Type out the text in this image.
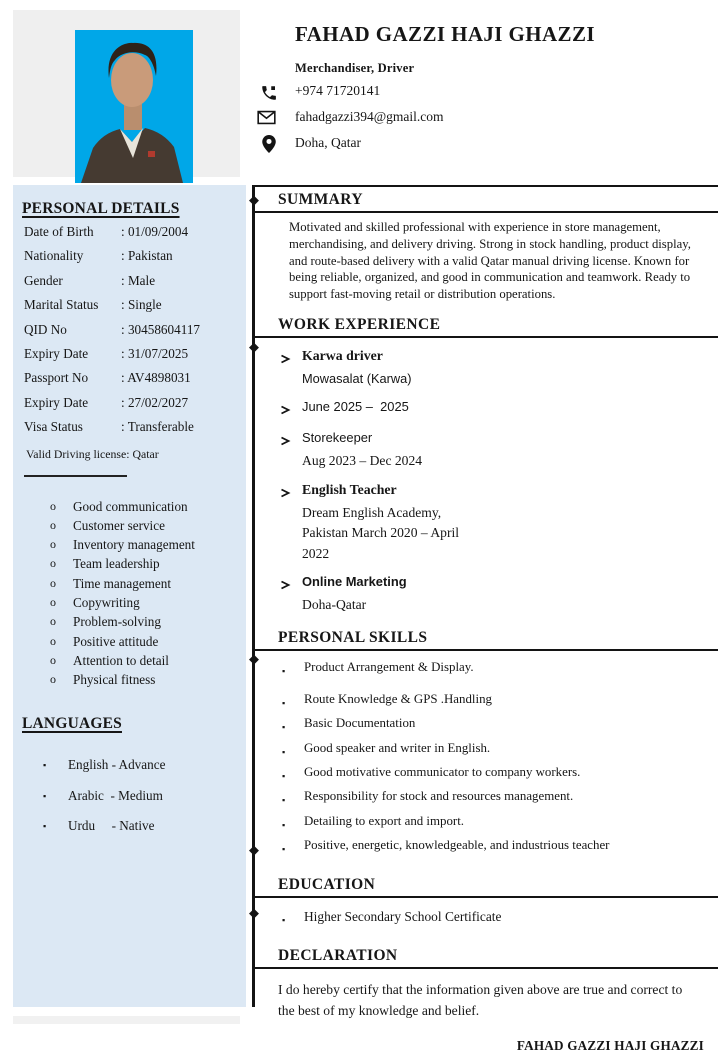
FAHAD GAZZI HAJI GHAZZI
Merchandiser, Driver
+974 71720141
fahadgazzi394@gmail.com
Doha, Qatar
PERSONAL DETAILS
Date of Birth	: 01/09/2004
Nationality	: Pakistan
Gender	: Male
Marital Status	: Single
QID No	: 30458604117
Expiry Date	: 31/07/2025
Passport No	: AV4898031
Expiry Date	: 27/02/2027
Visa Status	: Transferable
Valid Driving license: Qatar
o	Good communication
o	Customer service
o	Inventory management
o	Team leadership
o	Time management
o	Copywriting
o	Problem-solving
o	Positive attitude
o	Attention to detail
o	Physical fitness
LANGUAGES
▪	English - Advance
▪	Arabic  - Medium
▪	Urdu     - Native
◆
◆
◆
◆
◆
SUMMARY

Motivated and skilled professional with experience in store management, merchandising, and delivery driving. Strong in stock handling, product display, and route-based delivery with a valid Qatar manual driving license. Known for being reliable, organized, and good in communication and teamwork. Ready to support fast-moving retail or distribution operations.

WORK EXPERIENCE
Karwa driver
Mowasalat (Karwa)
June 2025 –  2025
Storekeeper
Aug 2023 – Dec 2024
English Teacher
Dream English Academy,
Pakistan March 2020 – April
2022
Online Marketing
Doha-Qatar
PERSONAL SKILLS
▪	Product Arrangement & Display.
▪	Route Knowledge & GPS .Handling
▪	Basic Documentation
▪	Good speaker and writer in English.
▪	Good motivative communicator to company workers.
▪	Responsibility for stock and resources management.
▪	Detailing to export and import.
▪	Positive, energetic, knowledgeable, and industrious teacher
EDUCATION
▪	Higher Secondary School Certificate
DECLARATION

I do hereby certify that the information given above are true and correct to the best of my knowledge and belief.

FAHAD GAZZI HAJI GHAZZI
